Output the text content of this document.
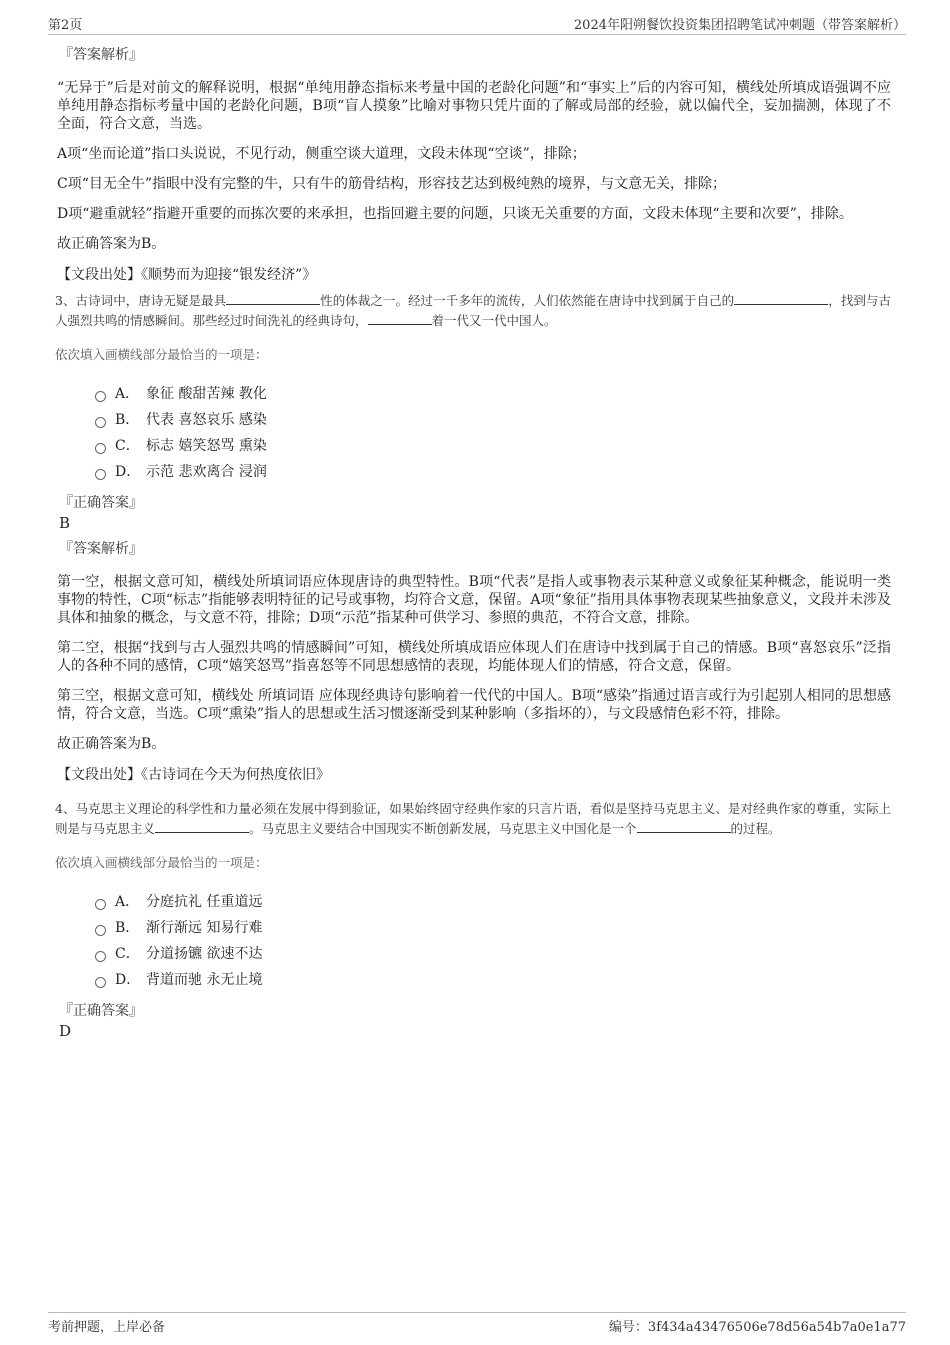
第2页	2024年阳朔餐饮投资集团招聘笔试冲刺题（带答案解析）
『答案解析』

“无异于”后是对前文的解释说明，根据“单纯用静态指标来考量中国的老龄化问题”和“事实上”后的内容可知，横线处所填成语强调不应单纯用静态指标考量中国的老龄化问题，B项“盲人摸象”比喻对事物只凭片面的了解或局部的经验，就以偏代全，妄加揣测，体现了不全面，符合文意，当选。

A项“坐而论道”指口头说说，不见行动，侧重空谈大道理，文段未体现“空谈”，排除；

C项“目无全牛”指眼中没有完整的牛，只有牛的筋骨结构，形容技艺达到极纯熟的境界，与文意无关，排除；

D项“避重就轻”指避开重要的而拣次要的来承担，也指回避主要的问题，只谈无关重要的方面，文段未体现“主要和次要”，排除。

故正确答案为B。

【文段出处】《顺势而为迎接“银发经济”》

3、古诗词中，唐诗无疑是最具	性的体裁之一。经过一千多年的流传，人们依然能在唐诗中找到属于自己的	，找到与古人强烈共鸣的情感瞬间。那些经过时间洗礼的经典诗句，	着一代又一代中国人。

依次填入画横线部分最恰当的一项是：
A． 象征 酸甜苦辣 教化
B． 代表 喜怒哀乐 感染
C． 标志 嬉笑怒骂 熏染
D． 示范 悲欢离合 浸润
『正确答案』
B
『答案解析』

第一空，根据文意可知，横线处所填词语应体现唐诗的典型特性。B项“代表”是指人或事物表示某种意义或象征某种概念，能说明一类事物的特性，C项“标志”指能够表明特征的记号或事物，均符合文意，保留。A项“象征”指用具体事物表现某些抽象意义，文段并未涉及具体和抽象的概念，与文意不符，排除；D项“示范”指某种可供学习、参照的典范，不符合文意，排除。

第二空，根据“找到与古人强烈共鸣的情感瞬间”可知，横线处所填成语应体现人们在唐诗中找到属于自己的情感。B项“喜怒哀乐”泛指人的各种不同的感情，C项“嬉笑怒骂”指喜怒等不同思想感情的表现，均能体现人们的情感，符合文意，保留。

第三空，根据文意可知，横线处 所填词语 应体现经典诗句影响着一代代的中国人。B项“感染”指通过语言或行为引起别人相同的思想感情，符合文意，当选。C项“熏染”指人的思想或生活习惯逐渐受到某种影响（多指坏的），与文段感情色彩不符，排除。

故正确答案为B。

【文段出处】《古诗词在今天为何热度依旧》

4、马克思主义理论的科学性和力量必须在发展中得到验证，如果始终固守经典作家的只言片语，看似是坚持马克思主义、是对经典作家的尊重，实际上则是与马克思主义	。马克思主义要结合中国现实不断创新发展，马克思主义中国化是一个	的过程。

依次填入画横线部分最恰当的一项是：
A． 分庭抗礼 任重道远
B． 渐行渐远 知易行难
C． 分道扬镳 欲速不达
D． 背道而驰 永无止境
『正确答案』
D
考前押题，上岸必备	编号：3f434a43476506e78d56a54b7a0e1a77
